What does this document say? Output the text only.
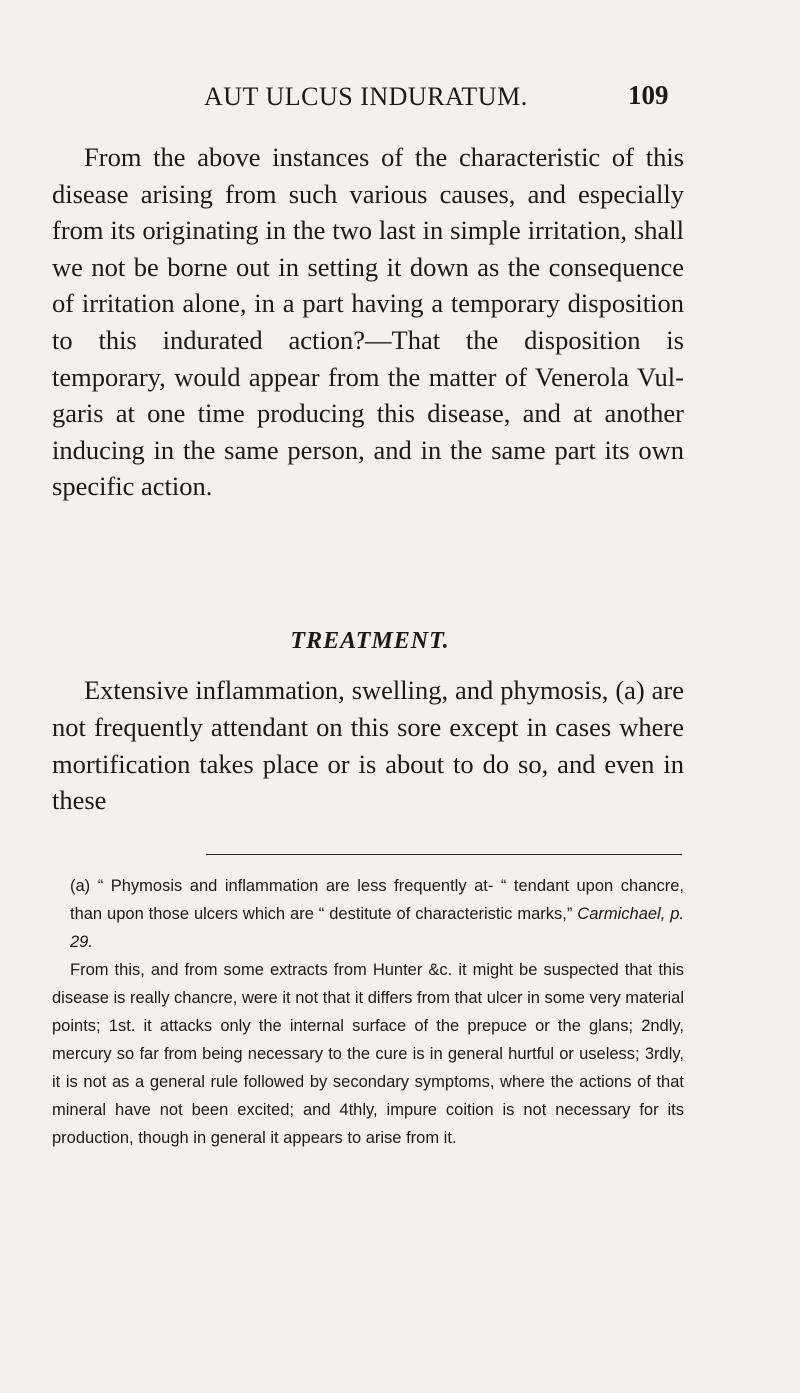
AUT ULCUS INDURATUM.	109

From the above instances of the characteristic of this disease arising from such various causes, and especially from its originating in the two last in simple irritation, shall we not be borne out in setting it down as the consequence of irritation alone, in a part having a temporary disposition to this indurated action?—That the disposition is temporary, would appear from the matter of Venerola Vulgaris at one time producing this disease, and at another inducing in the same person, and in the same part its own specific action.

TREATMENT.

Extensive inflammation, swelling, and phymosis, (a) are not frequently attendant on this sore except in cases where mortification takes place or is about to do so, and even in these

(a) “ Phymosis and inflammation are less frequently at- “ tendant upon chancre, than upon those ulcers which are “ destitute of characteristic marks,” Carmichael, p. 29.

From this, and from some extracts from Hunter &c. it might be suspected that this disease is really chancre, were it not that it differs from that ulcer in some very material points; 1st. it attacks only the internal surface of the prepuce or the glans; 2ndly, mercury so far from being necessary to the cure is in general hurtful or useless; 3rdly, it is not as a general rule followed by secondary symptoms, where the actions of that mineral have not been excited; and 4thly, impure coition is not necessary for its production, though in general it appears to arise from it.
